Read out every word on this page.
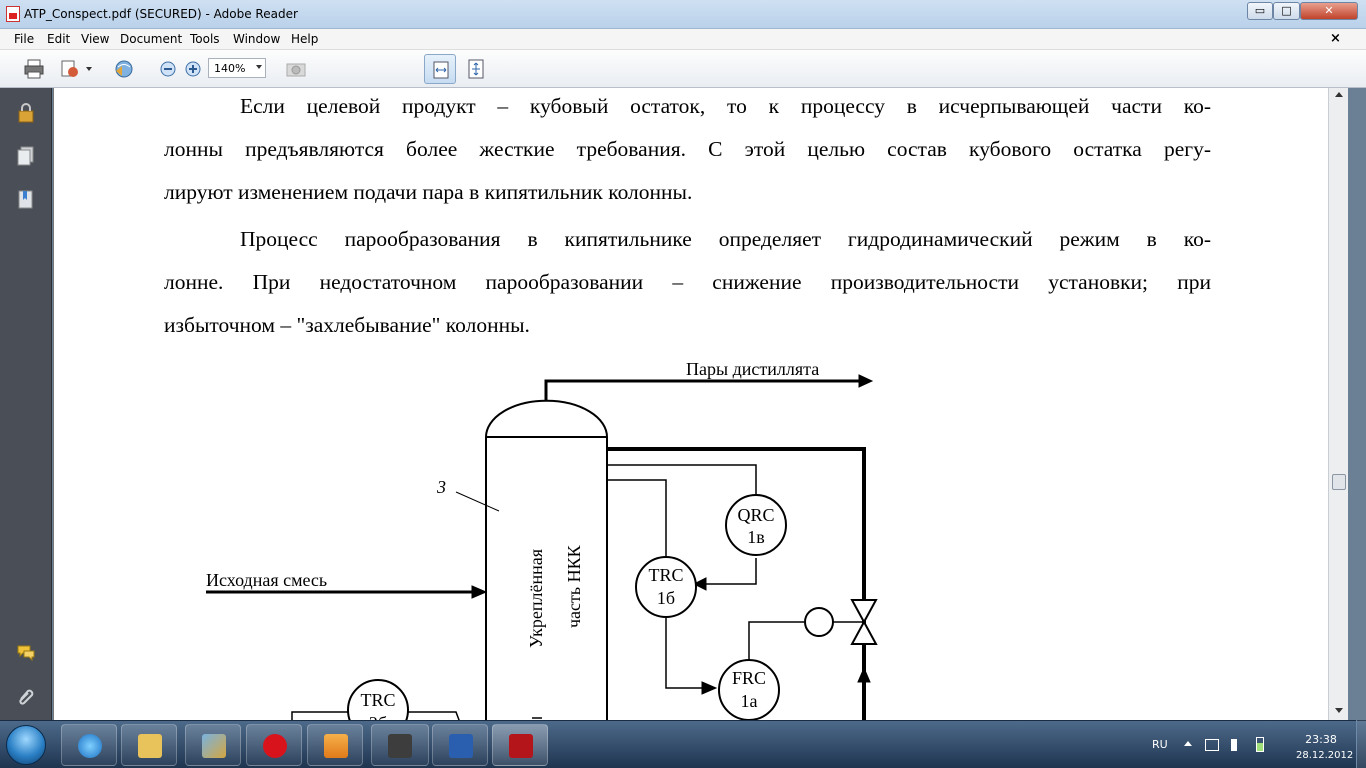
ATP_Conspect.pdf (SECURED) - Adobe Reader	▭	□	✕
File Edit View Document Tools Window Help	×
140%
Если целевой продукт – кубовый остаток, то к процессу в исчерпывающей части ко-
лонны предъявляются более жесткие требования. С этой целью состав кубового остатка регу-
лируют изменением подачи пара в кипятильник колонны.
Процесс парообразования в кипятильнике определяет гидродинамический режим в ко-
лонне. При недостаточном парообразовании – снижение производительности установки; при
избыточном – "захлебывание" колонны.
Пары дистиллята
Укреплённая часть НКК
3
Исходная смесь
QRC
1в
TRC
1б
FRC
1а
TRC
RU	23:38
28.12.2012
